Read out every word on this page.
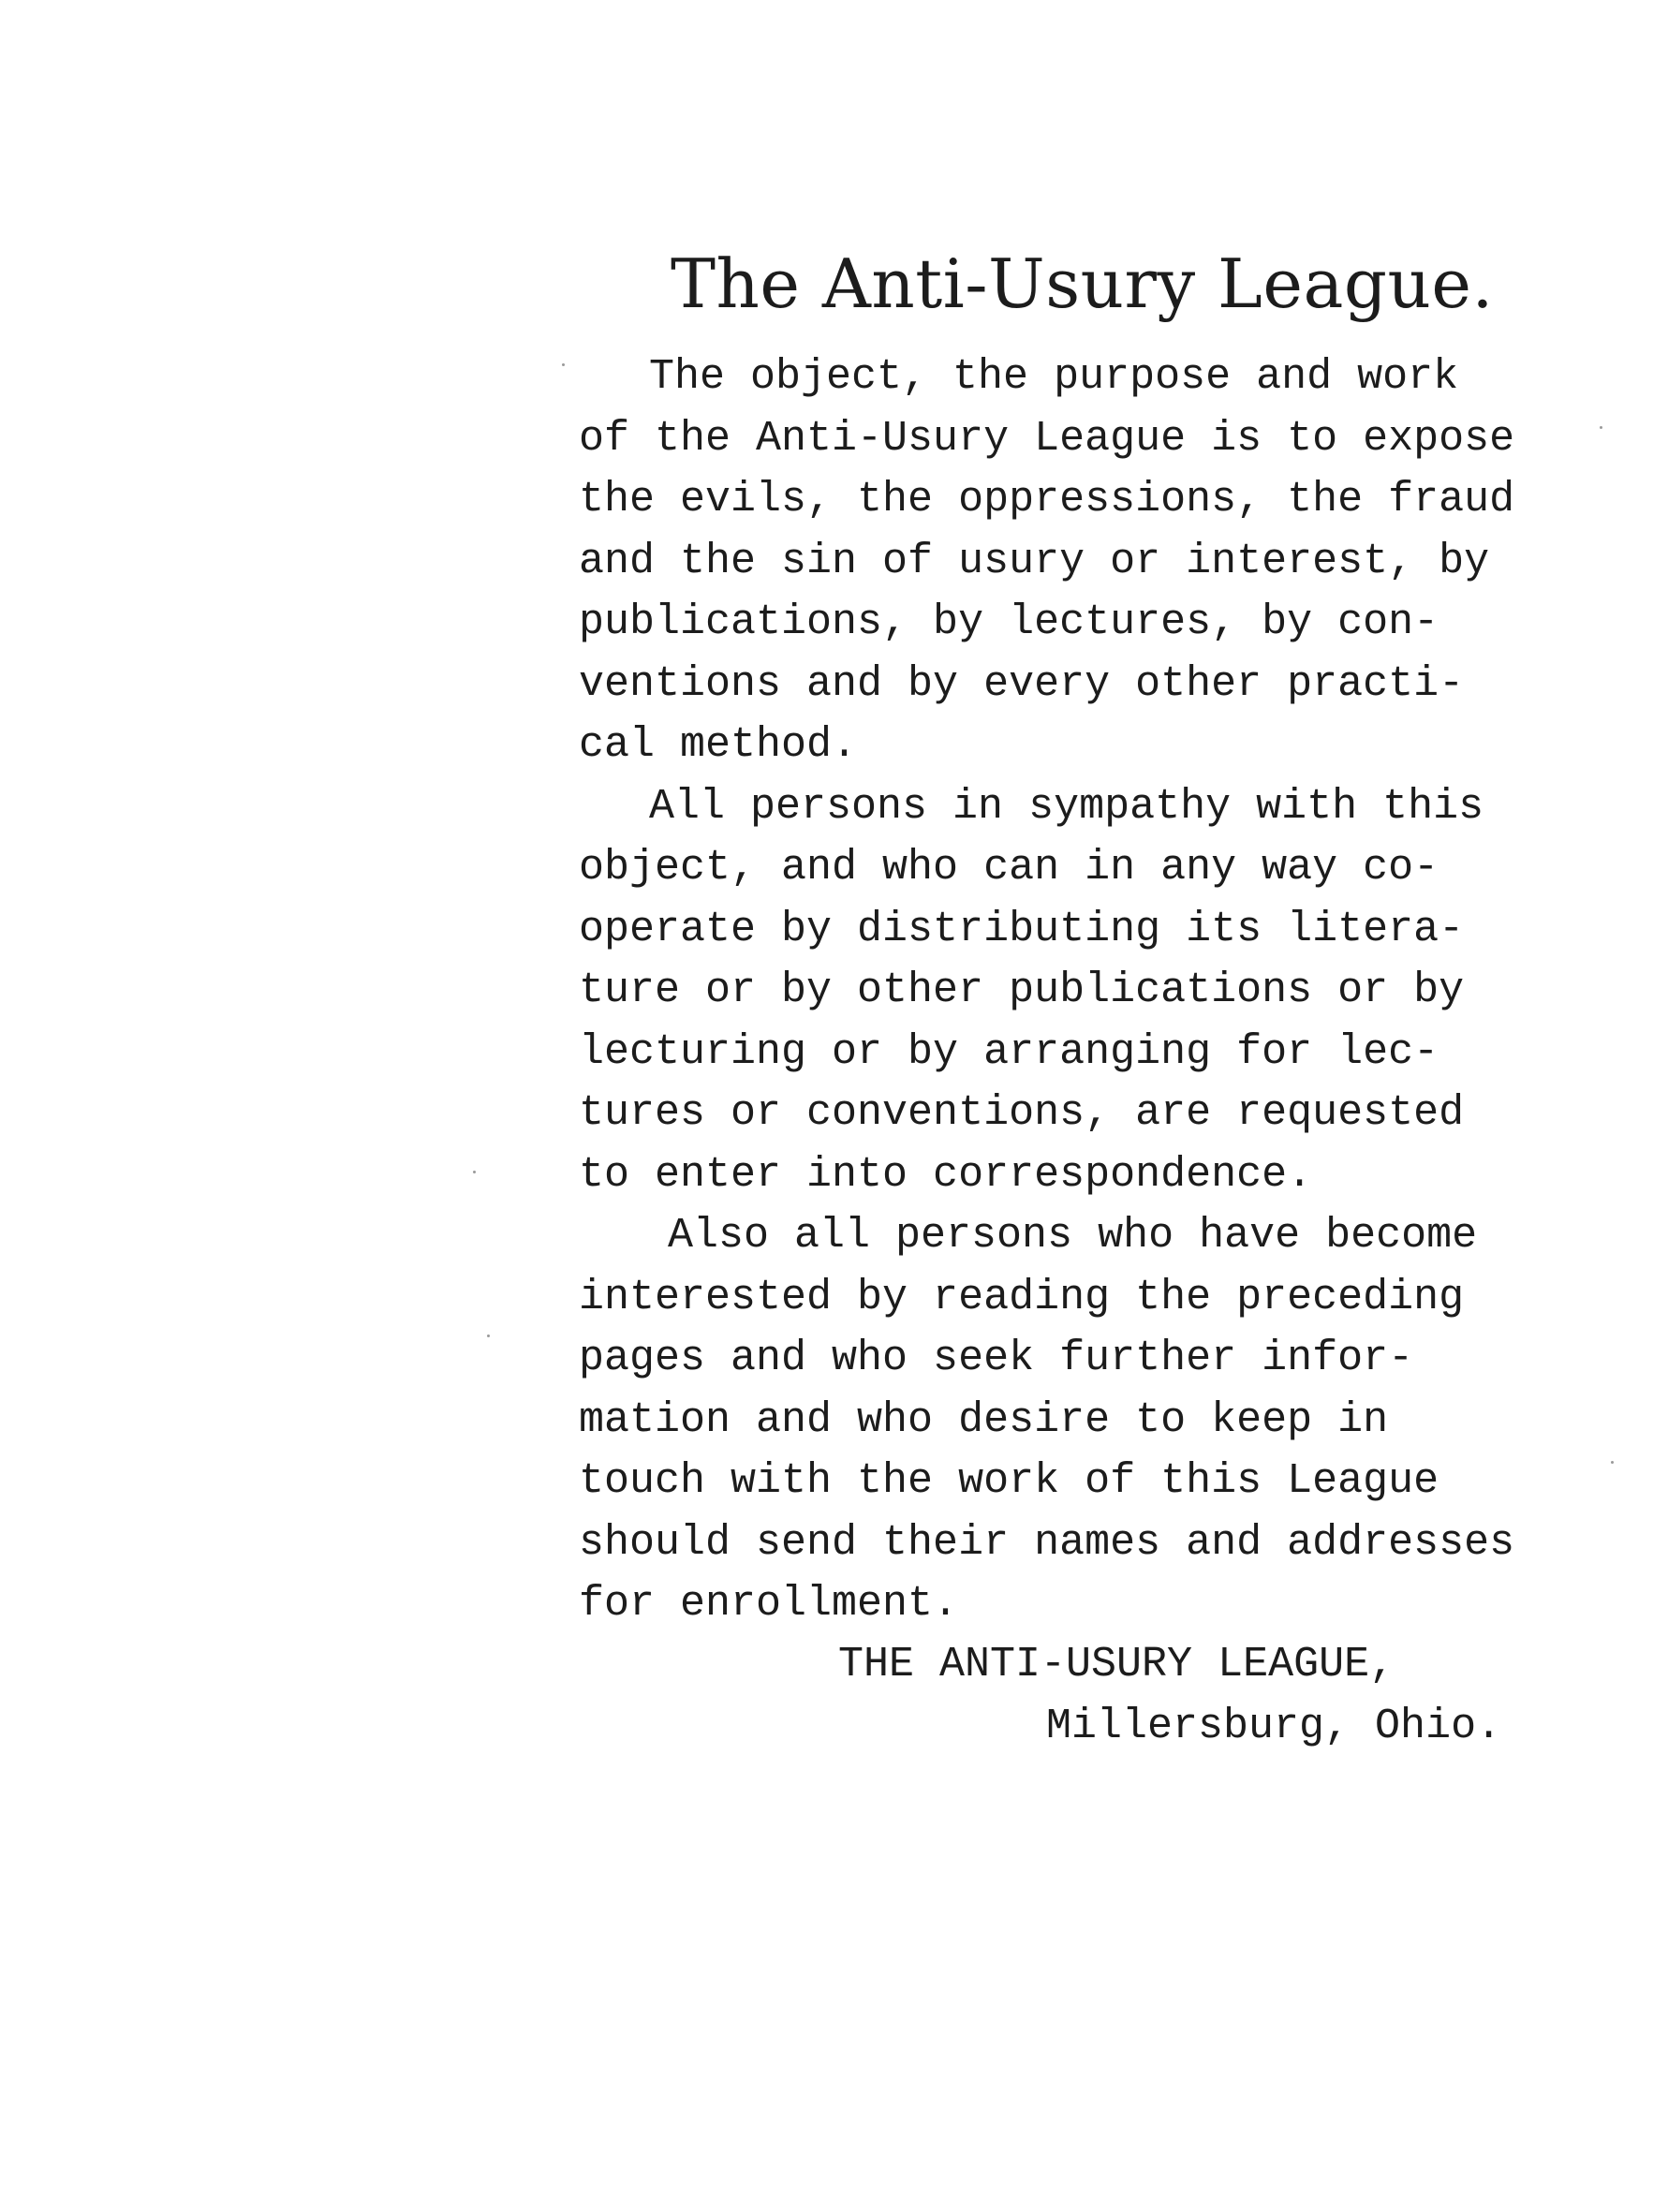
The Anti-Usury League.
The object, the purpose and work
of the Anti-Usury League is to expose
the evils, the oppressions, the fraud
and the sin of usury or interest, by
publications, by lectures, by con-
ventions and by every other practi-
cal method.
All persons in sympathy with this
object, and who can in any way co-
operate by distributing its litera-
ture or by other publications or by
lecturing or by arranging for lec-
tures or conventions, are requested
to enter into correspondence.
Also all persons who have become
interested by reading the preceding
pages and who seek further infor-
mation and who desire to keep in
touch with the work of this League
should send their names and addresses
for enrollment.
THE ANTI-USURY LEAGUE,
Millersburg, Ohio.
